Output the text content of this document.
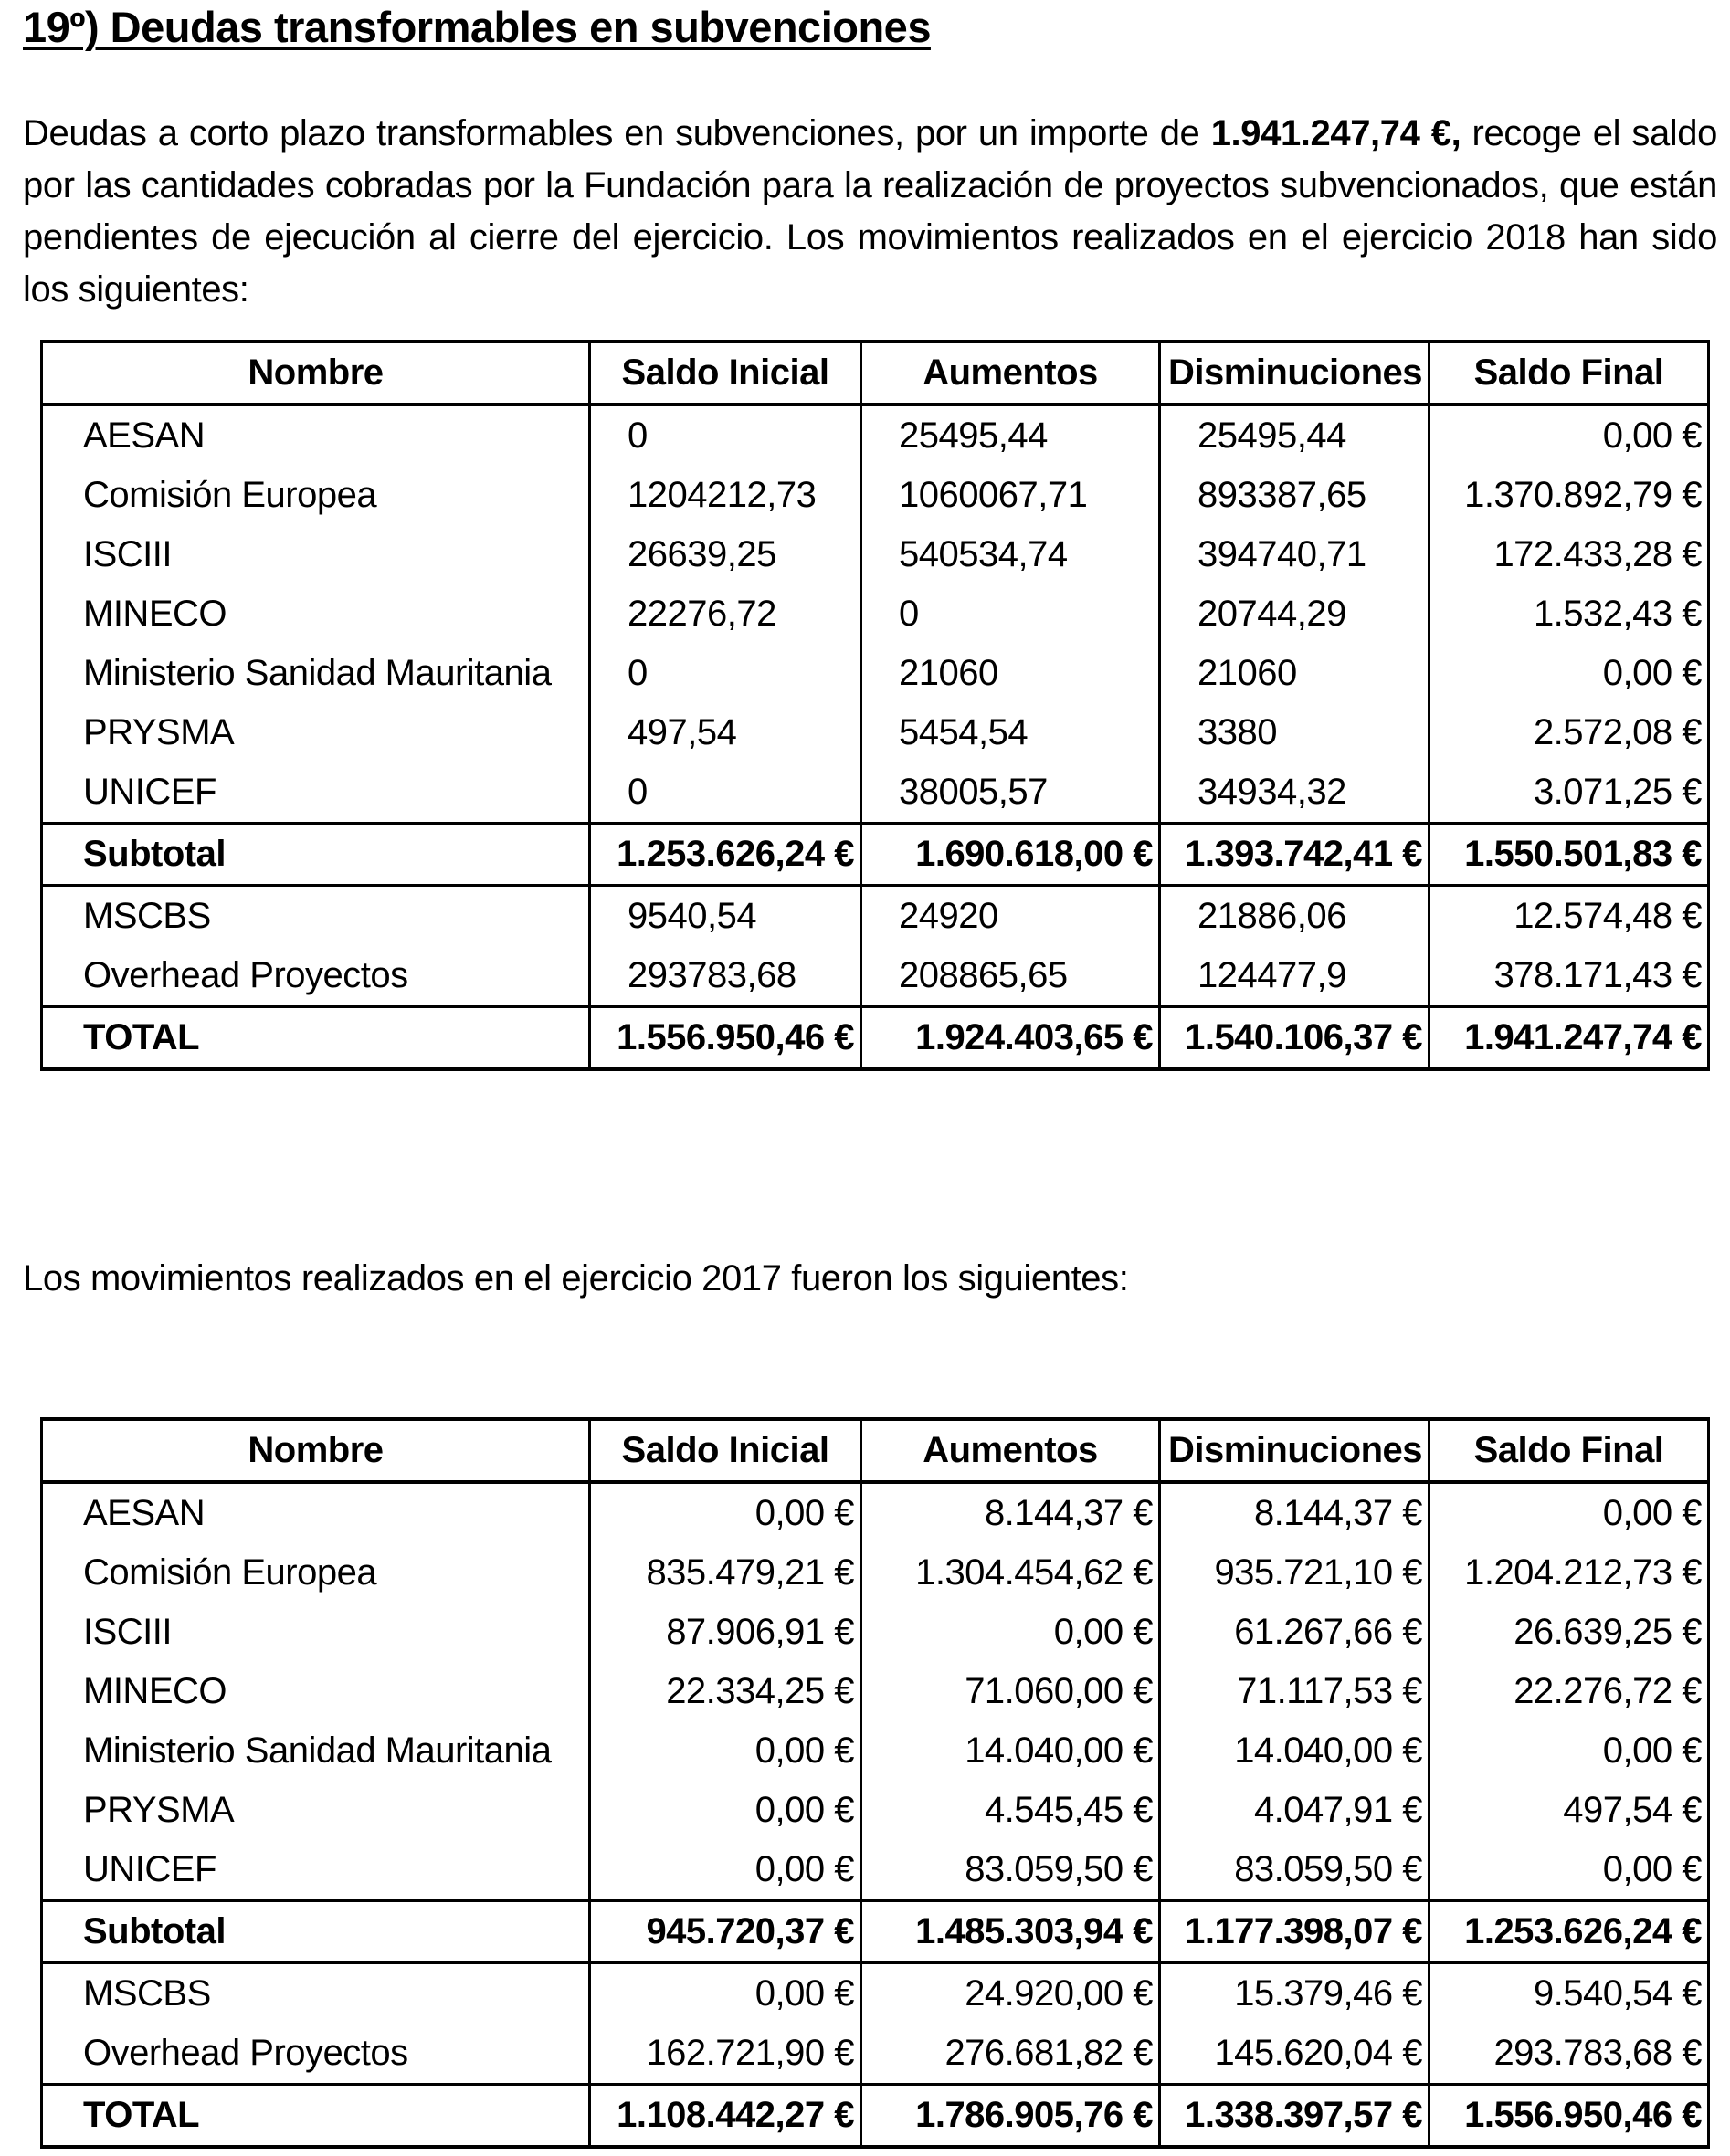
19º) Deudas transformables en subvenciones
Deudas a corto plazo transformables en subvenciones, por un importe de 1.941.247,74 €, recoge el saldo por las cantidades cobradas por la Fundación para la realización de proyectos subvencionados, que están pendientes de ejecución al cierre del ejercicio. Los movimientos realizados en el ejercicio 2018 han sido los siguientes:
Nombre	Saldo Inicial	Aumentos	Disminuciones	Saldo Final
AESAN	0	25495,44	25495,44	0,00 €
Comisión Europea	1204212,73	1060067,71	893387,65	1.370.892,79 €
ISCIII	26639,25	540534,74	394740,71	172.433,28 €
MINECO	22276,72	0	20744,29	1.532,43 €
Ministerio Sanidad Mauritania	0	21060	21060	0,00 €
PRYSMA	497,54	5454,54	3380	2.572,08 €
UNICEF	0	38005,57	34934,32	3.071,25 €
Subtotal	1.253.626,24 €	1.690.618,00 €	1.393.742,41 €	1.550.501,83 €
MSCBS	9540,54	24920	21886,06	12.574,48 €
Overhead Proyectos	293783,68	208865,65	124477,9	378.171,43 €
TOTAL	1.556.950,46 €	1.924.403,65 €	1.540.106,37 €	1.941.247,74 €
Los movimientos realizados en el ejercicio 2017 fueron los siguientes:
Nombre	Saldo Inicial	Aumentos	Disminuciones	Saldo Final
AESAN	0,00 €	8.144,37 €	8.144,37 €	0,00 €
Comisión Europea	835.479,21 €	1.304.454,62 €	935.721,10 €	1.204.212,73 €
ISCIII	87.906,91 €	0,00 €	61.267,66 €	26.639,25 €
MINECO	22.334,25 €	71.060,00 €	71.117,53 €	22.276,72 €
Ministerio Sanidad Mauritania	0,00 €	14.040,00 €	14.040,00 €	0,00 €
PRYSMA	0,00 €	4.545,45 €	4.047,91 €	497,54 €
UNICEF	0,00 €	83.059,50 €	83.059,50 €	0,00 €
Subtotal	945.720,37 €	1.485.303,94 €	1.177.398,07 €	1.253.626,24 €
MSCBS	0,00 €	24.920,00 €	15.379,46 €	9.540,54 €
Overhead Proyectos	162.721,90 €	276.681,82 €	145.620,04 €	293.783,68 €
TOTAL	1.108.442,27 €	1.786.905,76 €	1.338.397,57 €	1.556.950,46 €
